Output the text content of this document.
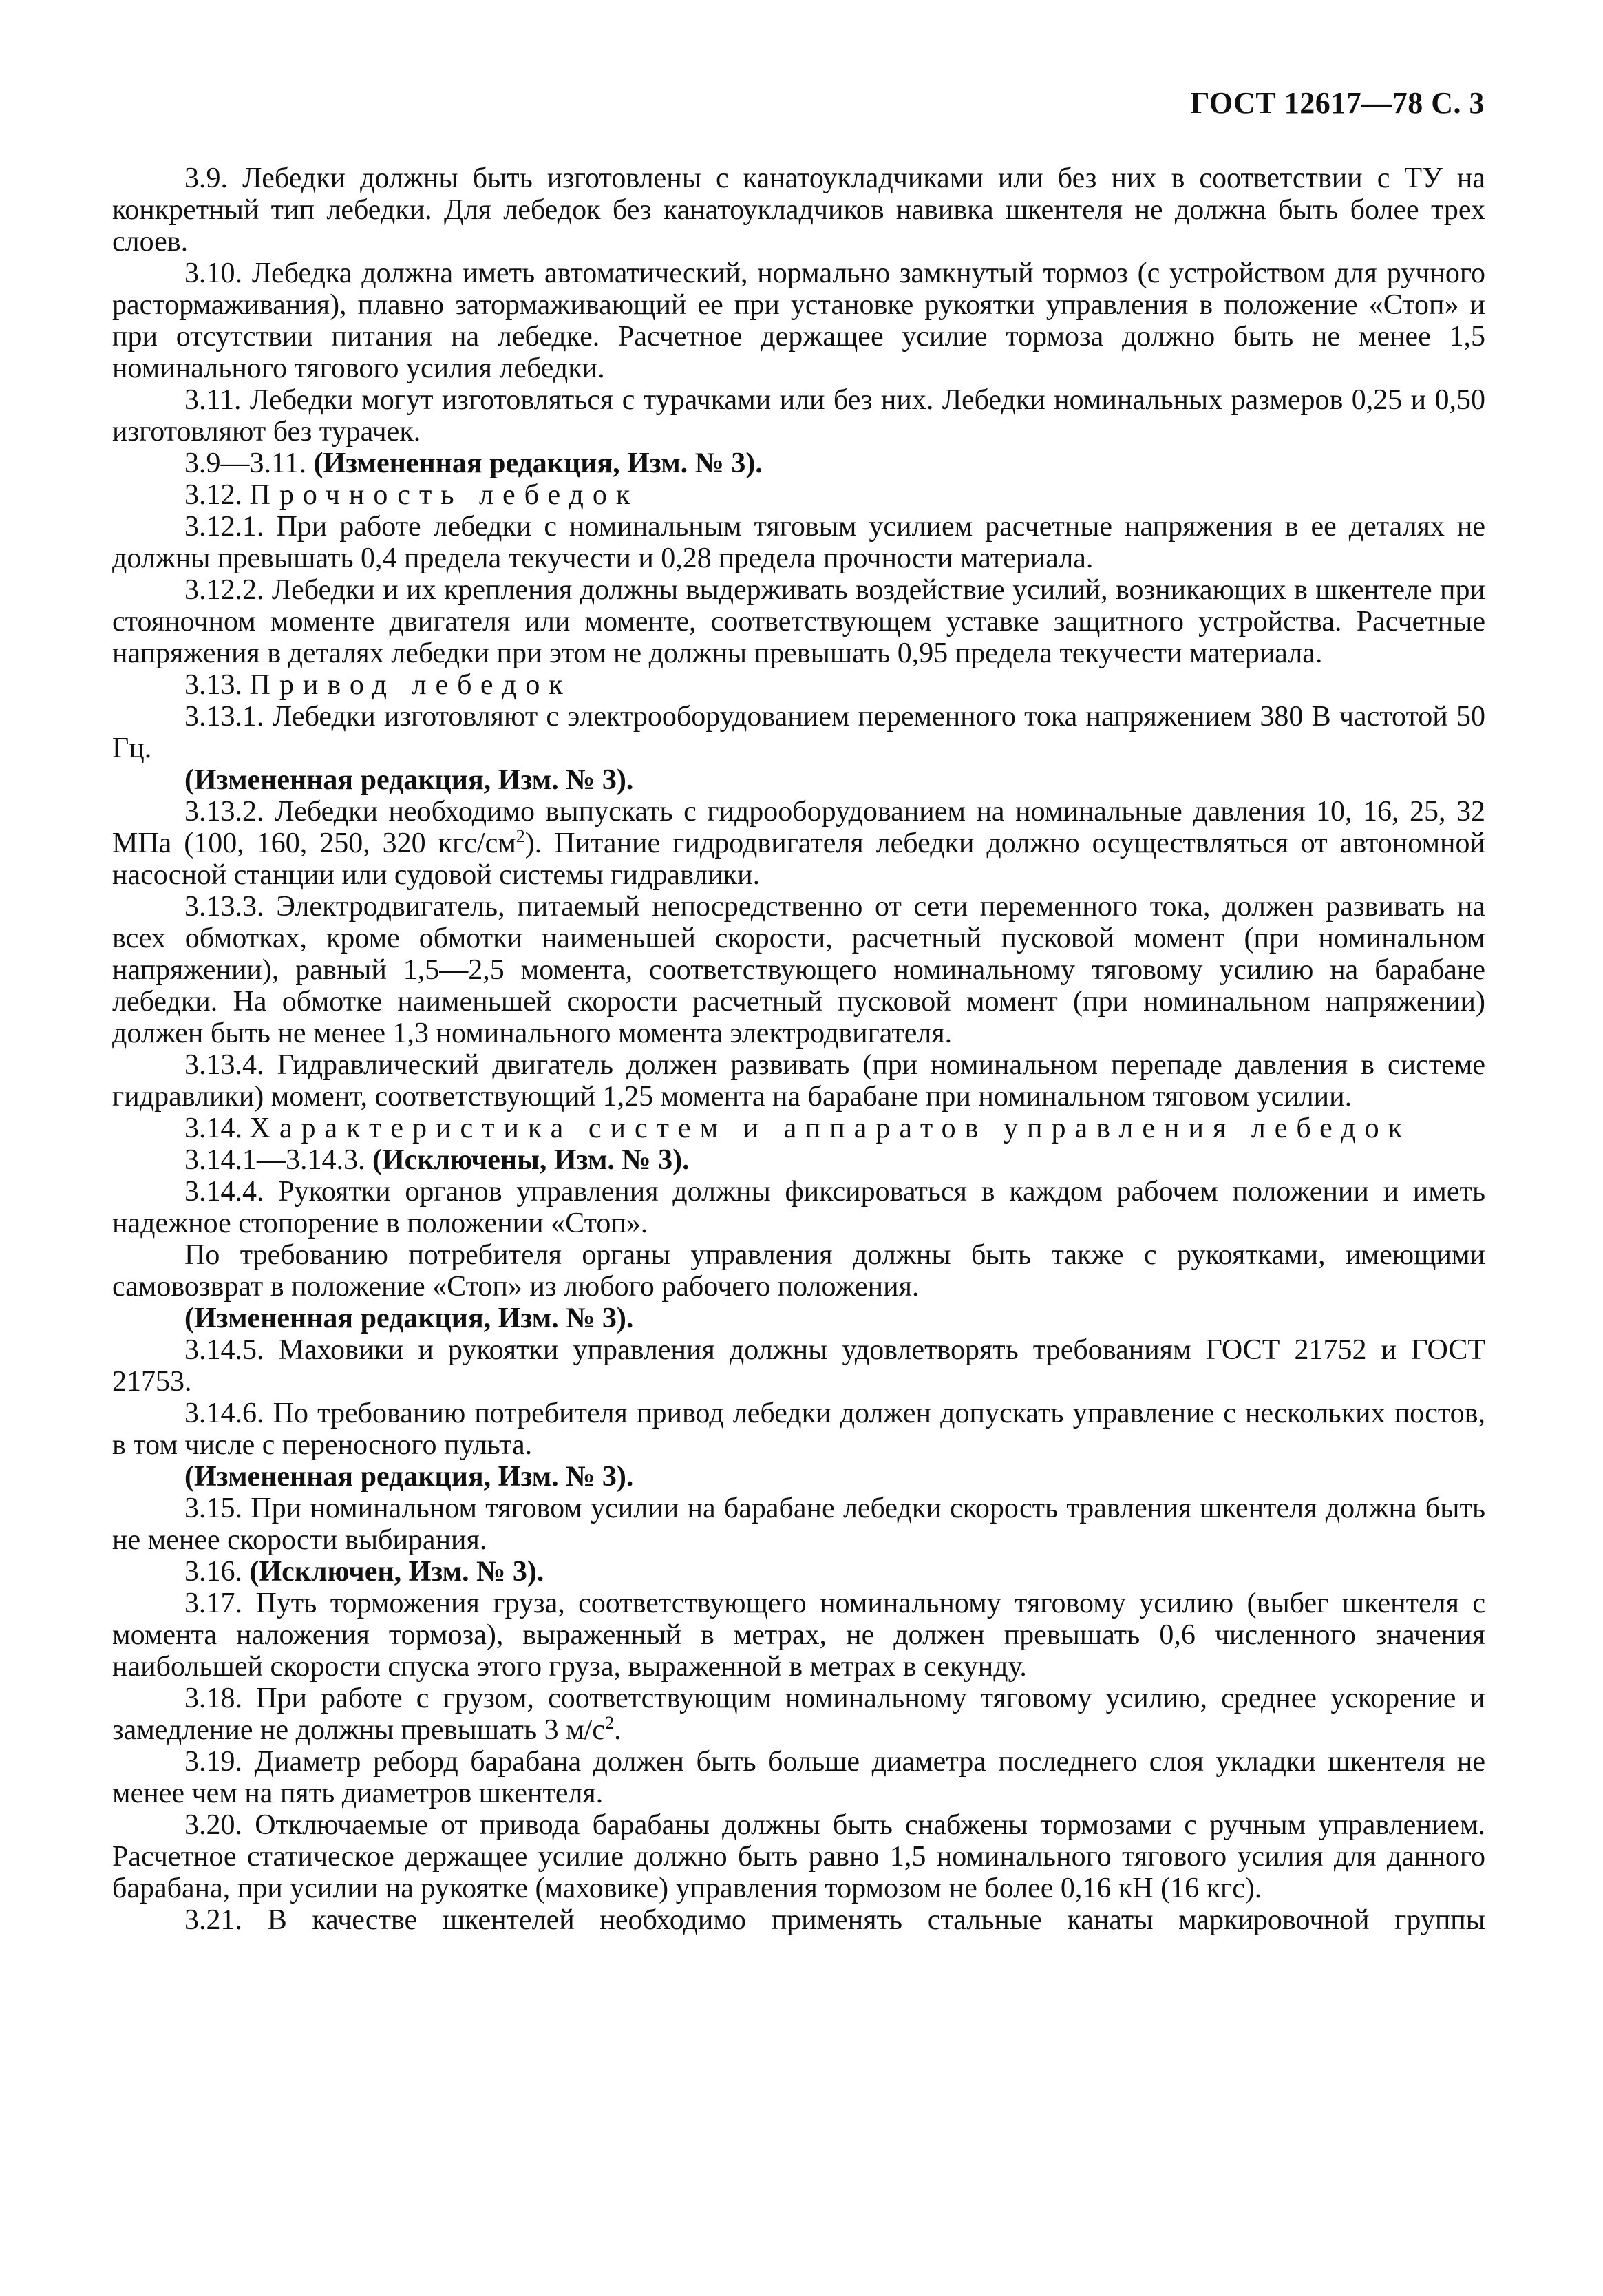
ГОСТ 12617—78 С. 3

3.9. Лебедки должны быть изготовлены с канатоукладчиками или без них в соответствии с ТУ на конкретный тип лебедки. Для лебедок без канатоукладчиков навивка шкентеля не должна быть более трех слоев.

3.10. Лебедка должна иметь автоматический, нормально замкнутый тормоз (с устройством для ручного растормаживания), плавно затормаживающий ее при установке рукоятки управления в положение «Стоп» и при отсутствии питания на лебедке. Расчетное держащее усилие тормоза должно быть не менее 1,5 номинального тягового усилия лебедки.

3.11. Лебедки могут изготовляться с турачками или без них. Лебедки номинальных размеров 0,25 и 0,50 изготовляют без турачек.

3.9—3.11. (Измененная редакция, Изм. № 3).

3.12. Прочность лебедок

3.12.1. При работе лебедки с номинальным тяговым усилием расчетные напряжения в ее деталях не должны превышать 0,4 предела текучести и 0,28 предела прочности материала.

3.12.2. Лебедки и их крепления должны выдерживать воздействие усилий, возникающих в шкентеле при стояночном моменте двигателя или моменте, соответствующем уставке защитного устройства. Расчетные напряжения в деталях лебедки при этом не должны превышать 0,95 предела текучести материала.

3.13. Привод лебедок

3.13.1. Лебедки изготовляют с электрооборудованием переменного тока напряжением 380 В частотой 50 Гц.

(Измененная редакция, Изм. № 3).

3.13.2. Лебедки необходимо выпускать с гидрооборудованием на номинальные давления 10, 16, 25, 32 МПа (100, 160, 250, 320 кгс/$см^2$). Питание гидродвигателя лебедки должно осуществляться от автономной насосной станции или судовой системы гидравлики.

3.13.3. Электродвигатель, питаемый непосредственно от сети переменного тока, должен развивать на всех обмотках, кроме обмотки наименьшей скорости, расчетный пусковой момент (при номинальном напряжении), равный 1,5—2,5 момента, соответствующего номинальному тяговому усилию на барабане лебедки. На обмотке наименьшей скорости расчетный пусковой момент (при номинальном напряжении) должен быть не менее 1,3 номинального момента электродвигателя.

3.13.4. Гидравлический двигатель должен развивать (при номинальном перепаде давления в системе гидравлики) момент, соответствующий 1,25 момента на барабане при номинальном тяговом усилии.

3.14. Характеристика систем и аппаратов управления лебедок

3.14.1—3.14.3. (Исключены, Изм. № 3).

3.14.4. Рукоятки органов управления должны фиксироваться в каждом рабочем положении и иметь надежное стопорение в положении «Стоп».

По требованию потребителя органы управления должны быть также с рукоятками, имеющими самовозврат в положение «Стоп» из любого рабочего положения.

(Измененная редакция, Изм. № 3).

3.14.5. Маховики и рукоятки управления должны удовлетворять требованиям ГОСТ 21752 и ГОСТ 21753.

3.14.6. По требованию потребителя привод лебедки должен допускать управление с нескольких постов, в том числе с переносного пульта.

(Измененная редакция, Изм. № 3).

3.15. При номинальном тяговом усилии на барабане лебедки скорость травления шкентеля должна быть не менее скорости выбирания.

3.16. (Исключен, Изм. № 3).

3.17. Путь торможения груза, соответствующего номинальному тяговому усилию (выбег шкентеля с момента наложения тормоза), выраженный в метрах, не должен превышать 0,6 численного значения наибольшей скорости спуска этого груза, выраженной в метрах в секунду.

3.18. При работе с грузом, соответствующим номинальному тяговому усилию, среднее ускорение и замедление не должны превышать 3 $м/с^2$.

3.19. Диаметр реборд барабана должен быть больше диаметра последнего слоя укладки шкентеля не менее чем на пять диаметров шкентеля.

3.20. Отключаемые от привода барабаны должны быть снабжены тормозами с ручным управлением. Расчетное статическое держащее усилие должно быть равно 1,5 номинального тягового усилия для данного барабана, при усилии на рукоятке (маховике) управления тормозом не более 0,16 кН (16 кгс).

3.21. В качестве шкентелей необходимо применять стальные канаты маркировочной группы
